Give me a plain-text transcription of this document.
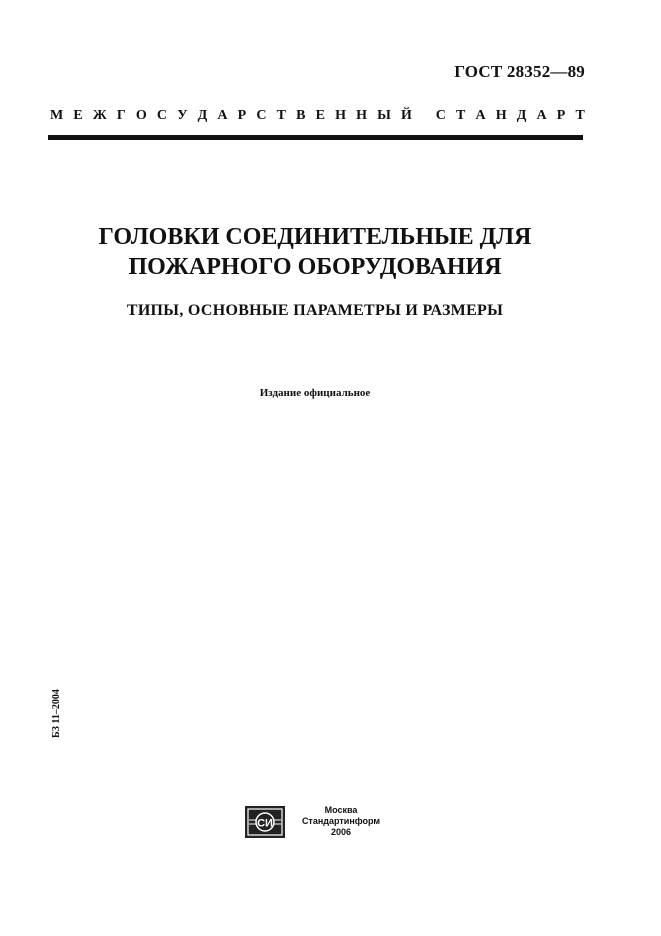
ГОСТ 28352—89
М Е Ж Г О С У Д А Р С Т В Е Н Н Ы Й
С Т А Н Д А Р Т
ГОЛОВКИ СОЕДИНИТЕЛЬНЫЕ ДЛЯ
ПОЖАРНОГО ОБОРУДОВАНИЯ
ТИПЫ, ОСНОВНЫЕ ПАРАМЕТРЫ И РАЗМЕРЫ
Издание официальное
БЗ 11–2004
СИ
Москва
Стандартинформ
2006
